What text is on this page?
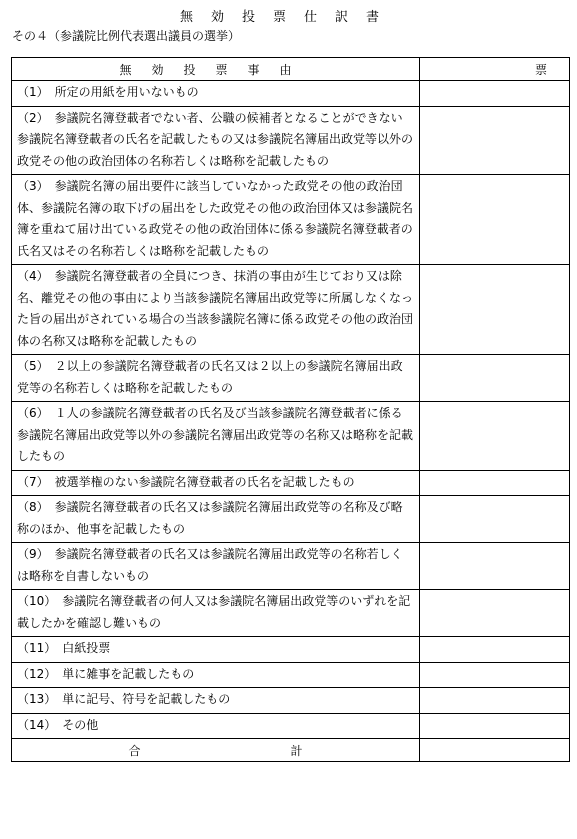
無効投票仕訳書
その４（参議院比例代表選出議員の選挙）
無効投票事由	票
（1）　所定の用紙を用いないもの	
（2）　参議院名簿登載者でない者、公職の候補者となることができない参議院名簿登載者の氏名を記載したもの又は参議院名簿届出政党等以外の政党その他の政治団体の名称若しくは略称を記載したもの	
（3）　参議院名簿の届出要件に該当していなかった政党その他の政治団体、参議院名簿の取下げの届出をした政党その他の政治団体又は参議院名簿を重ねて届け出ている政党その他の政治団体に係る参議院名簿登載者の氏名又はその名称若しくは略称を記載したもの	
（4）　参議院名簿登載者の全員につき、抹消の事由が生じており又は除名、離党その他の事由により当該参議院名簿届出政党等に所属しなくなった旨の届出がされている場合の当該参議院名簿に係る政党その他の政治団体の名称又は略称を記載したもの	
（5）　２以上の参議院名簿登載者の氏名又は２以上の参議院名簿届出政党等の名称若しくは略称を記載したもの	
（6）　１人の参議院名簿登載者の氏名及び当該参議院名簿登載者に係る参議院名簿届出政党等以外の参議院名簿届出政党等の名称又は略称を記載したもの	
（7）　被選挙権のない参議院名簿登載者の氏名を記載したもの	
（8）　参議院名簿登載者の氏名又は参議院名簿届出政党等の名称及び略称のほか、他事を記載したもの	
（9）　参議院名簿登載者の氏名又は参議院名簿届出政党等の名称若しくは略称を自書しないもの	
（10）　参議院名簿登載者の何人又は参議院名簿届出政党等のいずれを記載したかを確認し難いもの	
（11）　白紙投票	
（12）　単に雑事を記載したもの	
（13）　単に記号、符号を記載したもの	
（14）　その他	
合 計	
